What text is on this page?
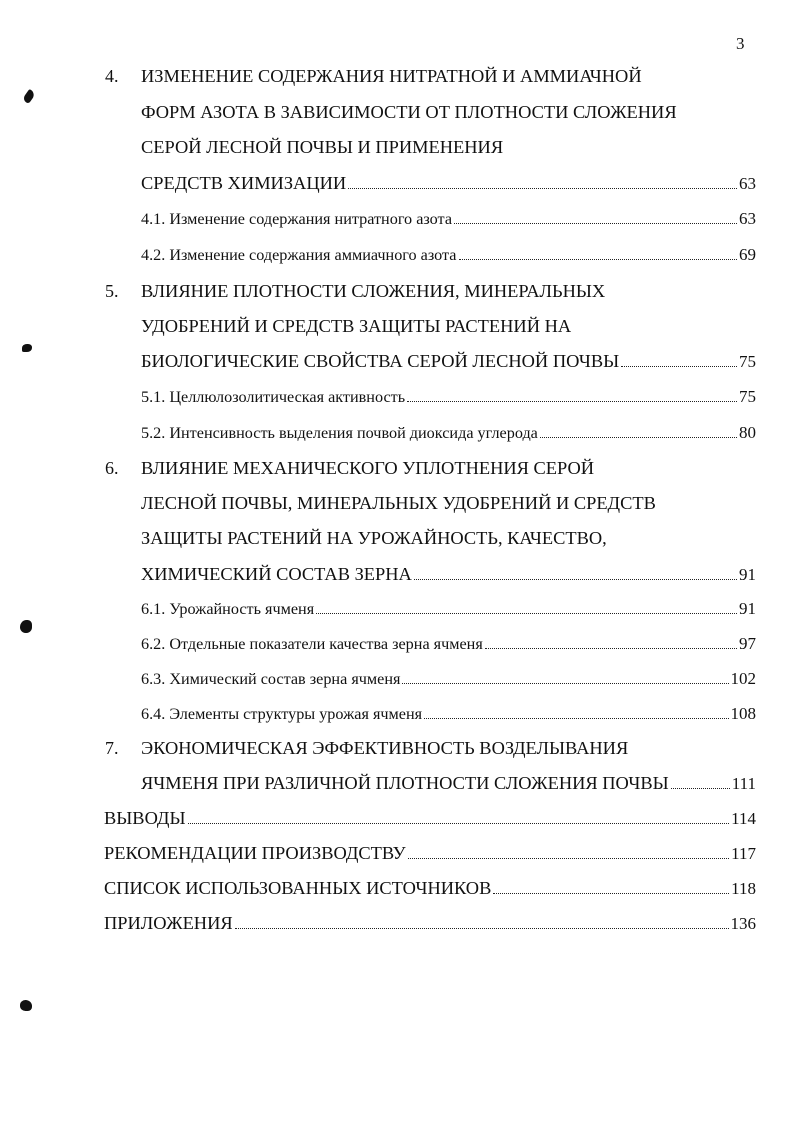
3
4. ИЗМЕНЕНИЕ СОДЕРЖАНИЯ НИТРАТНОЙ И АММИАЧНОЙ
ФОРМ АЗОТА В ЗАВИСИМОСТИ ОТ ПЛОТНОСТИ СЛОЖЕНИЯ
СЕРОЙ ЛЕСНОЙ ПОЧВЫ И ПРИМЕНЕНИЯ
СРЕДСТВ ХИМИЗАЦИИ	63
4.1. Изменение содержания нитратного азота	63
4.2. Изменение содержания аммиачного азота	69
5. ВЛИЯНИЕ ПЛОТНОСТИ СЛОЖЕНИЯ, МИНЕРАЛЬНЫХ
УДОБРЕНИЙ И СРЕДСТВ ЗАЩИТЫ РАСТЕНИЙ НА
БИОЛОГИЧЕСКИЕ СВОЙСТВА СЕРОЙ ЛЕСНОЙ ПОЧВЫ	75
5.1. Целлюлозолитическая активность	75
5.2. Интенсивность выделения почвой диоксида углерода	80
6. ВЛИЯНИЕ МЕХАНИЧЕСКОГО УПЛОТНЕНИЯ СЕРОЙ
ЛЕСНОЙ ПОЧВЫ, МИНЕРАЛЬНЫХ УДОБРЕНИЙ И СРЕДСТВ
ЗАЩИТЫ РАСТЕНИЙ НА УРОЖАЙНОСТЬ, КАЧЕСТВО,
ХИМИЧЕСКИЙ СОСТАВ ЗЕРНА	91
6.1. Урожайность ячменя	91
6.2. Отдельные показатели качества зерна ячменя	97
6.3. Химический состав зерна ячменя	102
6.4. Элементы структуры урожая ячменя	108
7. ЭКОНОМИЧЕСКАЯ ЭФФЕКТИВНОСТЬ ВОЗДЕЛЫВАНИЯ
ЯЧМЕНЯ ПРИ РАЗЛИЧНОЙ ПЛОТНОСТИ СЛОЖЕНИЯ ПОЧВЫ	111
ВЫВОДЫ	114
РЕКОМЕНДАЦИИ ПРОИЗВОДСТВУ	117
СПИСОК ИСПОЛЬЗОВАННЫХ ИСТОЧНИКОВ	118
ПРИЛОЖЕНИЯ	136
